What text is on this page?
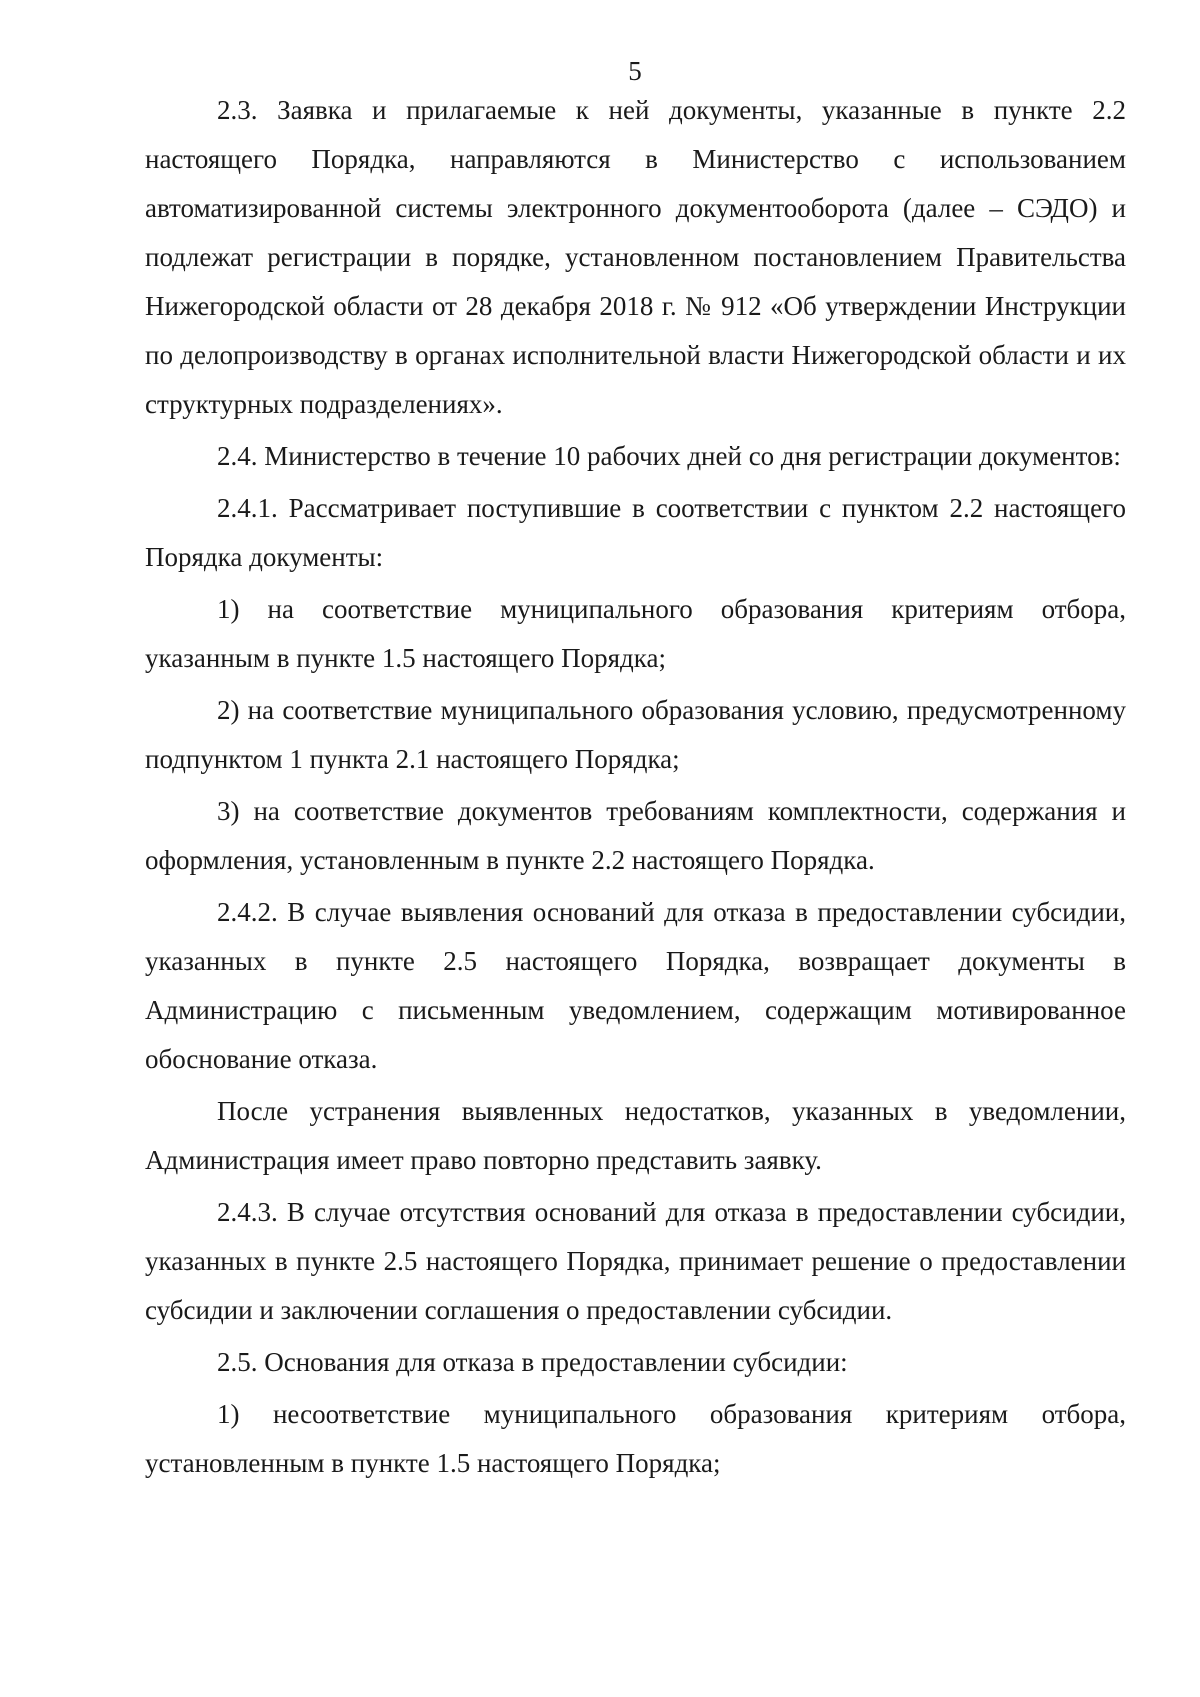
5

2.3. Заявка и прилагаемые к ней документы, указанные в пункте 2.2 настоящего Порядка, направляются в Министерство с использованием автоматизированной системы электронного документооборота (далее – СЭДО) и подлежат регистрации в порядке, установленном постановлением Правительства Нижегородской области от 28 декабря 2018 г. № 912 «Об утверждении Инструкции по делопроизводству в органах исполнительной власти Нижегородской области и их структурных подразделениях».

2.4. Министерство в течение 10 рабочих дней со дня регистрации документов:

2.4.1. Рассматривает поступившие в соответствии с пунктом 2.2 настоящего Порядка документы:

1) на соответствие муниципального образования критериям отбора, указанным в пункте 1.5 настоящего Порядка;

2) на соответствие муниципального образования условию, предусмотренному подпунктом 1 пункта 2.1 настоящего Порядка;

3) на соответствие документов требованиям комплектности, содержания и оформления, установленным в пункте 2.2 настоящего Порядка.

2.4.2. В случае выявления оснований для отказа в предоставлении субсидии, указанных в пункте 2.5 настоящего Порядка, возвращает документы в Администрацию с письменным уведомлением, содержащим мотивированное обоснование отказа.

После устранения выявленных недостатков, указанных в уведомлении, Администрация имеет право повторно представить заявку.

2.4.3. В случае отсутствия оснований для отказа в предоставлении субсидии, указанных в пункте 2.5 настоящего Порядка, принимает решение о предоставлении субсидии и заключении соглашения о предоставлении субсидии.

2.5. Основания для отказа в предоставлении субсидии:

1) несоответствие муниципального образования критериям отбора, установленным в пункте 1.5 настоящего Порядка;
